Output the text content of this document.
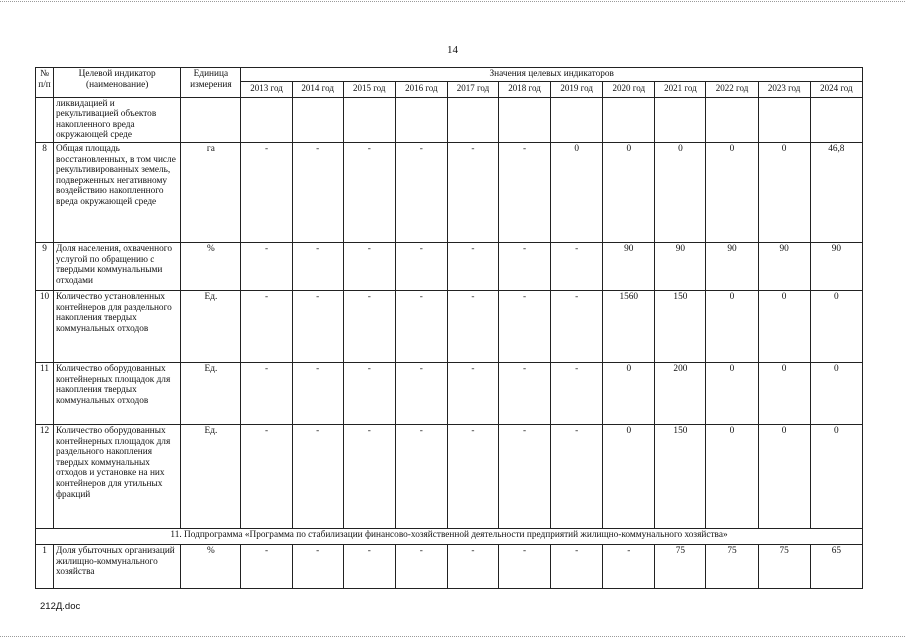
14
№ п/п	Целевой индикатор (наименование)	Единица измерения	Значения целевых индикаторов											
			2013 год	2014 год	2015 год	2016 год	2017 год	2018 год	2019 год	2020 год	2021 год	2022 год	2023 год	2024 год
	ликвидацией и рекультивацией объектов накопленного вреда окружающей среде													
8	Общая площадь восстановленных, в том числе рекультивированных земель, подверженных негативному воздействию накопленного вреда окружающей среде	га	-	-	-	-	-	-	0	0	0	0	0	46,8
9	Доля населения, охваченного услугой по обращению с твердыми коммунальными отходами	%	-	-	-	-	-	-	-	90	90	90	90	90
10	Количество установленных контейнеров для раздельного накопления твердых коммунальных отходов	Ед.	-	-	-	-	-	-	-	1560	150	0	0	0
11	Количество оборудованных контейнерных площадок для накопления твердых коммунальных отходов	Ед.	-	-	-	-	-	-	-	0	200	0	0	0
12	Количество оборудованных контейнерных площадок для раздельного накопления твердых коммунальных отходов и установке на них контейнеров для утильных фракций	Ед.	-	-	-	-	-	-	-	0	150	0	0	0
11. Подпрограмма «Программа по стабилизации финансово-хозяйственной деятельности предприятий жилищно-коммунального хозяйства»														
1	Доля убыточных организаций жилищно-коммунального хозяйства	%	-	-	-	-	-	-	-	-	75	75	75	65
212Д.doc
